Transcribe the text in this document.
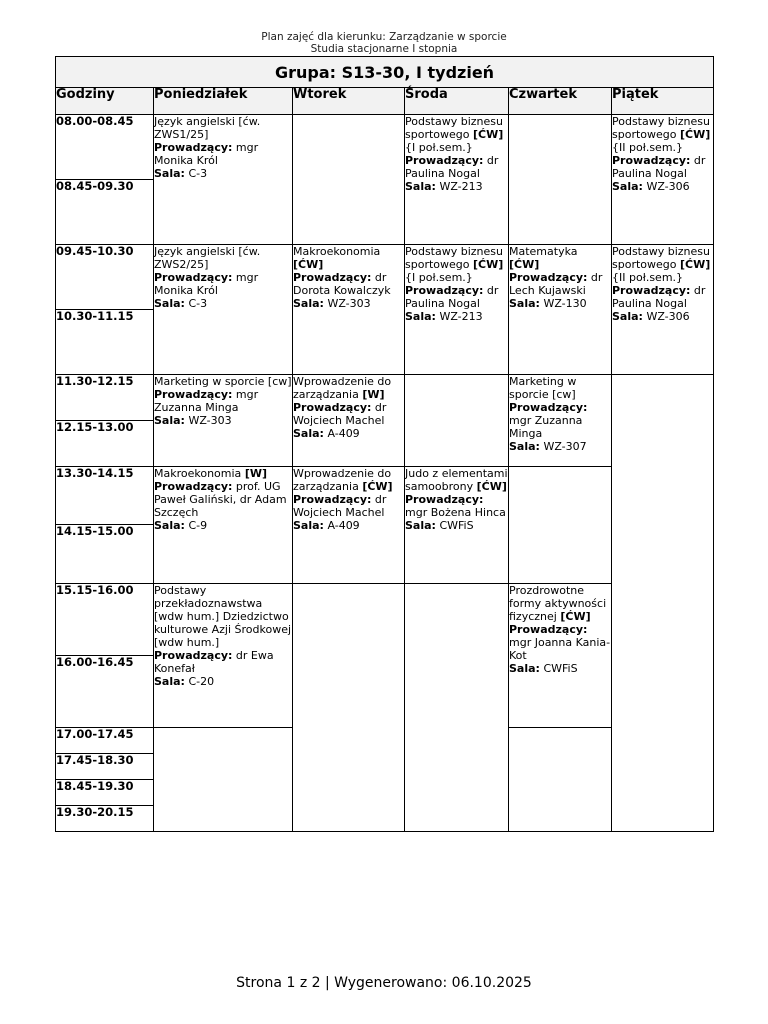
Plan zajęć dla kierunku: Zarządzanie w sporcie
Studia stacjonarne I stopnia
Grupa: S13-30, I tydzień					
Godziny	Poniedziałek	Wtorek	Środa	Czwartek	Piątek
08.00-08.45	Język angielski [ćw. ZWS1/25]
Prowadzący: mgr Monika Król
Sala: C-3		Podstawy biznesu sportowego [ĆW] {I poł.sem.}
Prowadzący: dr Paulina Nogal
Sala: WZ-213		Podstawy biznesu sportowego [ĆW] {II poł.sem.}
Prowadzący: dr Paulina Nogal
Sala: WZ-306
08.45-09.30					
09.45-10.30	Język angielski [ćw. ZWS2/25]
Prowadzący: mgr Monika Król
Sala: C-3	Makroekonomia [ĆW]
Prowadzący: dr Dorota Kowalczyk
Sala: WZ-303	Podstawy biznesu sportowego [ĆW] {I poł.sem.}
Prowadzący: dr Paulina Nogal
Sala: WZ-213	Matematyka [ĆW]
Prowadzący: dr Lech Kujawski
Sala: WZ-130	Podstawy biznesu sportowego [ĆW] {II poł.sem.}
Prowadzący: dr Paulina Nogal
Sala: WZ-306
10.30-11.15					
11.30-12.15	Marketing w sporcie [cw]
Prowadzący: mgr Zuzanna Minga
Sala: WZ-303	Wprowadzenie do zarządzania [W]
Prowadzący: dr Wojciech Machel
Sala: A-409		Marketing w sporcie [cw]
Prowadzący: mgr Zuzanna Minga
Sala: WZ-307	
12.15-13.00					
13.30-14.15	Makroekonomia [W]
Prowadzący: prof. UG Paweł Galiński, dr Adam Szczęch
Sala: C-9	Wprowadzenie do zarządzania [ĆW]
Prowadzący: dr Wojciech Machel
Sala: A-409	Judo z elementami samoobrony [ĆW]
Prowadzący: mgr Bożena Hinca
Sala: CWFiS		
14.15-15.00					
15.15-16.00	Podstawy przekładoznawstwa [wdw hum.] Dziedzictwo kulturowe Azji Środkowej [wdw hum.]
Prowadzący: dr Ewa Konefał
Sala: C-20			Prozdrowotne formy aktywności fizycznej [ĆW]
Prowadzący: mgr Joanna Kania-Kot
Sala: CWFiS	
16.00-16.45					
17.00-17.45					
17.45-18.30					
18.45-19.30					
19.30-20.15					
Strona 1 z 2 | Wygenerowano: 06.10.2025
